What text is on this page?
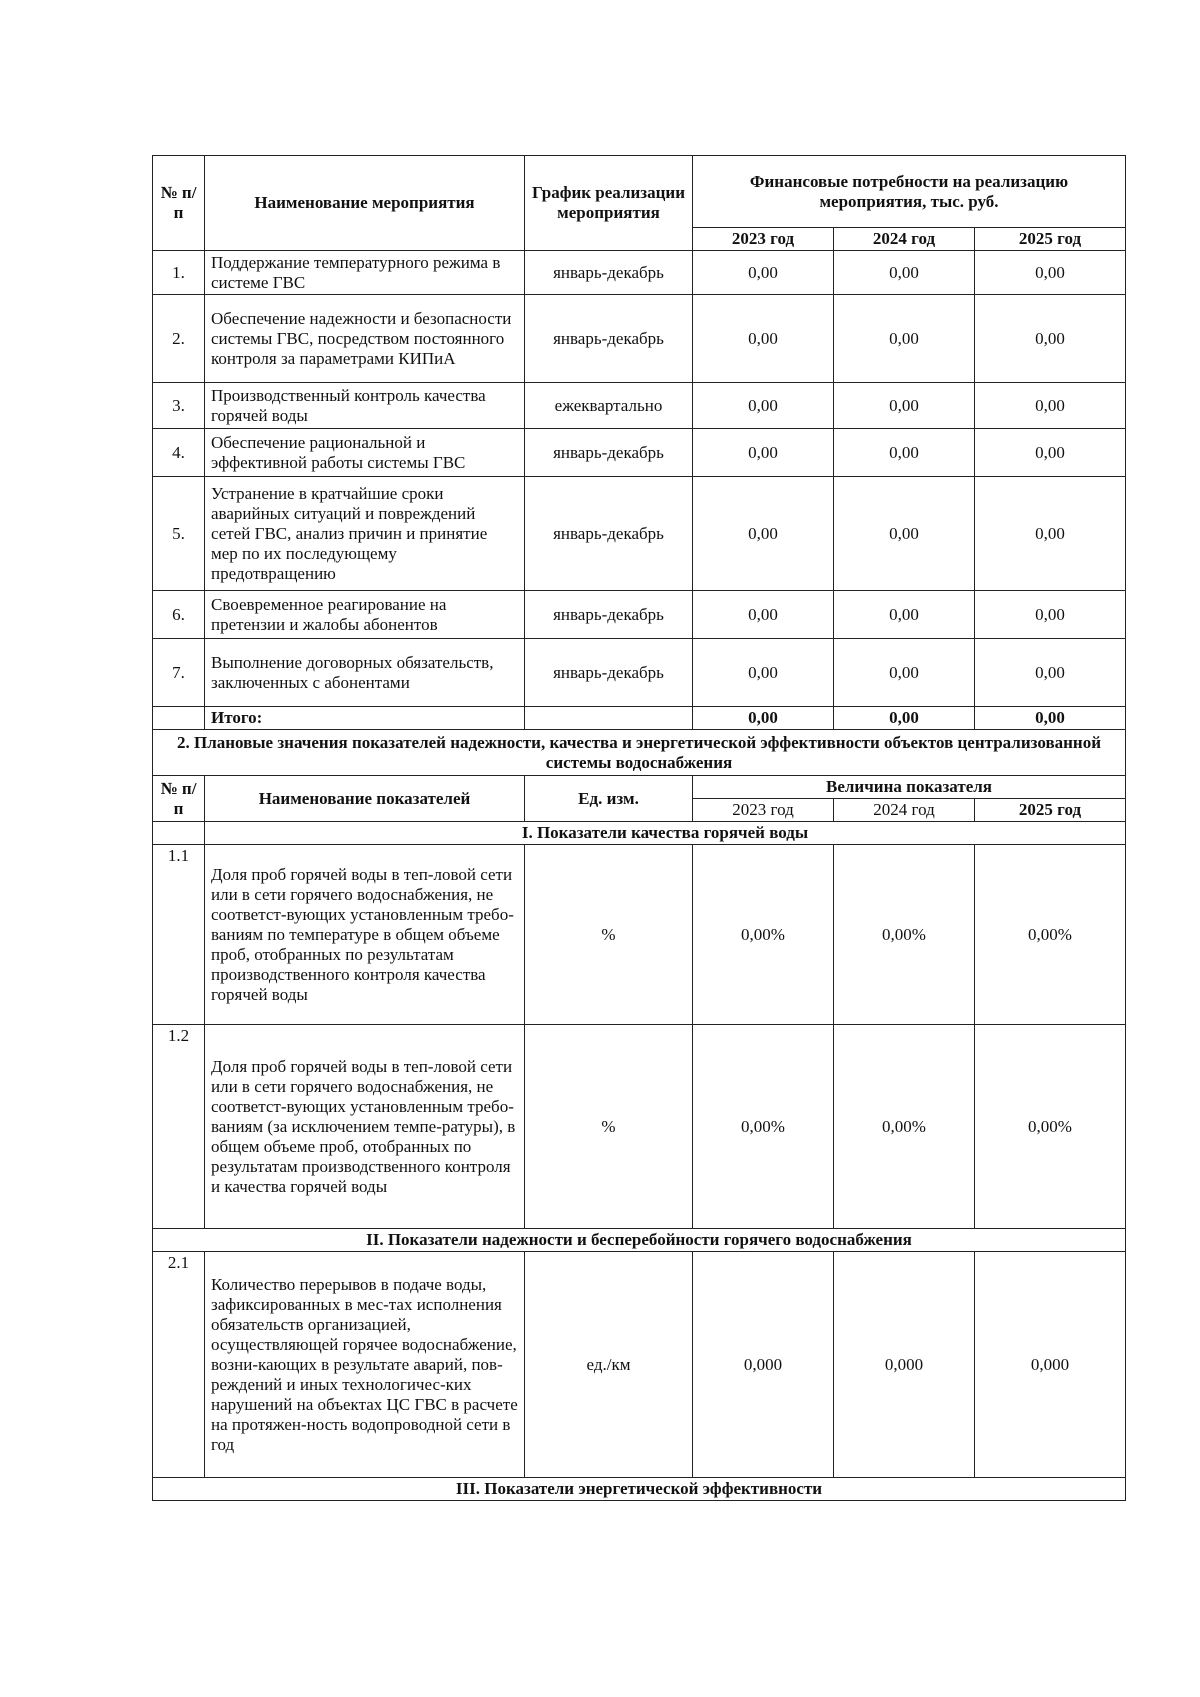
№ п/п	Наименование мероприятия	График реализации мероприятия	Финансовые потребности на реализацию мероприятия, тыс. руб.		
			2023 год	2024 год	2025 год
1.	Поддержание температурного режима в системе ГВС	январь-декабрь	0,00	0,00	0,00
2.	Обеспечение надежности и безопасности системы ГВС, посредством постоянного контроля за параметрами КИПиА	январь-декабрь	0,00	0,00	0,00
3.	Производственный контроль качества горячей воды	ежеквартально	0,00	0,00	0,00
4.	Обеспечение рациональной и эффективной работы системы ГВС	январь-декабрь	0,00	0,00	0,00
5.	Устранение в кратчайшие сроки аварийных ситуаций и повреждений сетей ГВС, анализ причин и принятие мер по их последующему предотвращению	январь-декабрь	0,00	0,00	0,00
6.	Своевременное реагирование на претензии и жалобы абонентов	январь-декабрь	0,00	0,00	0,00
7.	Выполнение договорных обязательств, заключенных с абонентами	январь-декабрь	0,00	0,00	0,00
	Итого:		0,00	0,00	0,00
2. Плановые значения показателей надежности, качества и энергетической эффективности объектов централизованной системы водоснабжения					
№ п/п	Наименование показателей	Ед. изм.	Величина показателя		
			2023 год	2024 год	2025 год
	I. Показатели качества горячей воды				
1.1	Доля проб горячей воды в теп-ловой сети или в сети горячего водоснабжения, не соответст-вующих установленным требо-ваниям по температуре в общем объеме проб, отобранных по результатам производственного контроля качества горячей воды	%	0,00%	0,00%	0,00%
1.2	Доля проб горячей воды в теп-ловой сети или в сети горячего водоснабжения, не соответст-вующих установленным требо-ваниям (за исключением темпе-ратуры), в общем объеме проб, отобранных по результатам производственного контроля и качества горячей воды	%	0,00%	0,00%	0,00%
II. Показатели надежности и бесперебойности горячего водоснабжения					
2.1	Количество перерывов в подаче воды, зафиксированных в мес-тах исполнения обязательств организацией, осуществляющей горячее водоснабжение, возни-кающих в результате аварий, пов-реждений и иных технологичес-ких нарушений на объектах ЦС ГВС в расчете на протяжен-ность водопроводной сети в год	ед./км	0,000	0,000	0,000
III. Показатели энергетической эффективности					
